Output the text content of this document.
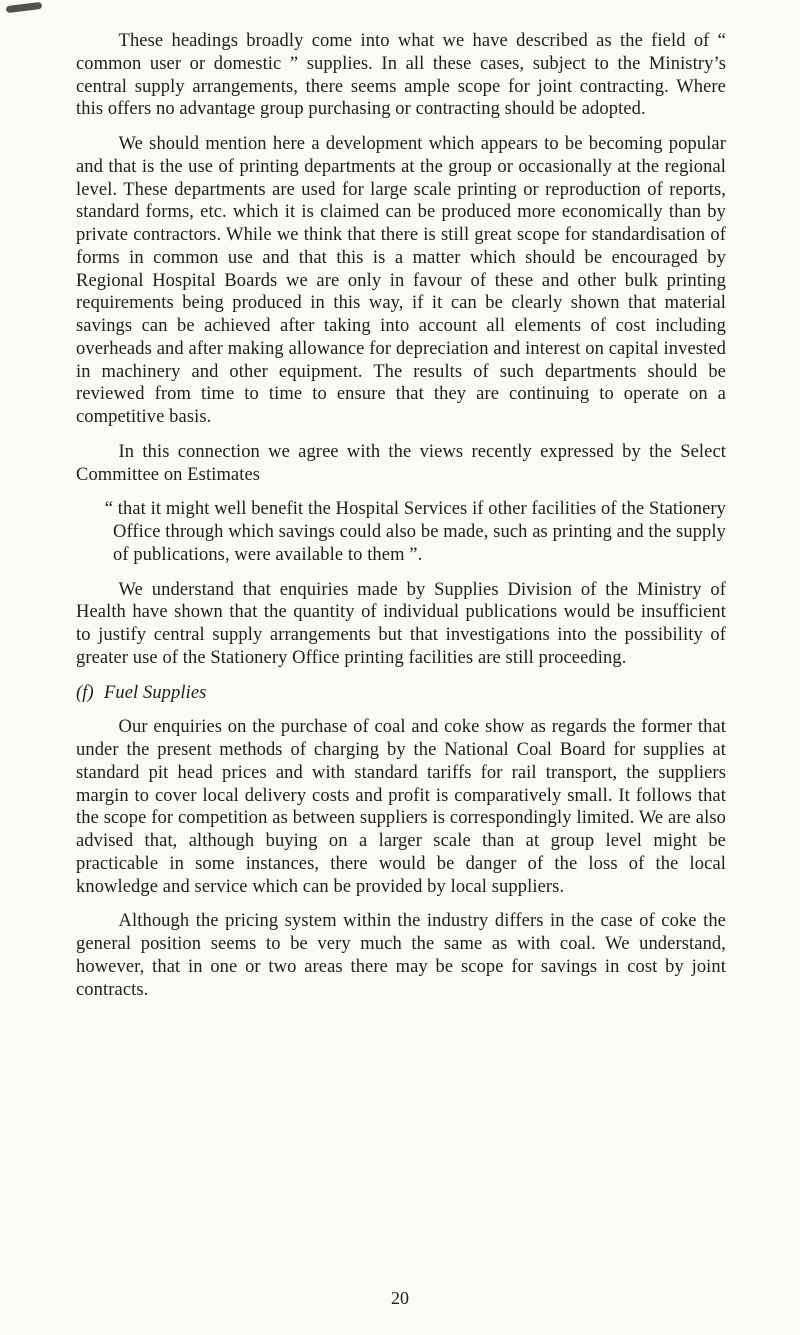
These headings broadly come into what we have described as the field of “ common user or domestic ” supplies. In all these cases, subject to the Ministry’s central supply arrangements, there seems ample scope for joint contracting. Where this offers no advantage group purchasing or contracting should be adopted.

We should mention here a development which appears to be becoming popular and that is the use of printing departments at the group or occasionally at the regional level. These departments are used for large scale printing or reproduction of reports, standard forms, etc. which it is claimed can be produced more economically than by private contractors. While we think that there is still great scope for standardisation of forms in common use and that this is a matter which should be encouraged by Regional Hospital Boards we are only in favour of these and other bulk printing requirements being produced in this way, if it can be clearly shown that material savings can be achieved after taking into account all elements of cost including overheads and after making allowance for depreciation and interest on capital invested in machinery and other equipment. The results of such departments should be reviewed from time to time to ensure that they are continuing to operate on a competitive basis.

In this connection we agree with the views recently expressed by the Select Committee on Estimates

“ that it might well benefit the Hospital Services if other facilities of the Stationery Office through which savings could also be made, such as printing and the supply of publications, were available to them ”.

We understand that enquiries made by Supplies Division of the Ministry of Health have shown that the quantity of individual publications would be insufficient to justify central supply arrangements but that investigations into the possibility of greater use of the Stationery Office printing facilities are still proceeding.

(f) Fuel Supplies

Our enquiries on the purchase of coal and coke show as regards the former that under the present methods of charging by the National Coal Board for supplies at standard pit head prices and with standard tariffs for rail transport, the suppliers margin to cover local delivery costs and profit is comparatively small. It follows that the scope for competition as between suppliers is correspondingly limited. We are also advised that, although buying on a larger scale than at group level might be practicable in some instances, there would be danger of the loss of the local knowledge and service which can be provided by local suppliers.

Although the pricing system within the industry differs in the case of coke the general position seems to be very much the same as with coal. We understand, however, that in one or two areas there may be scope for savings in cost by joint contracts.

20
